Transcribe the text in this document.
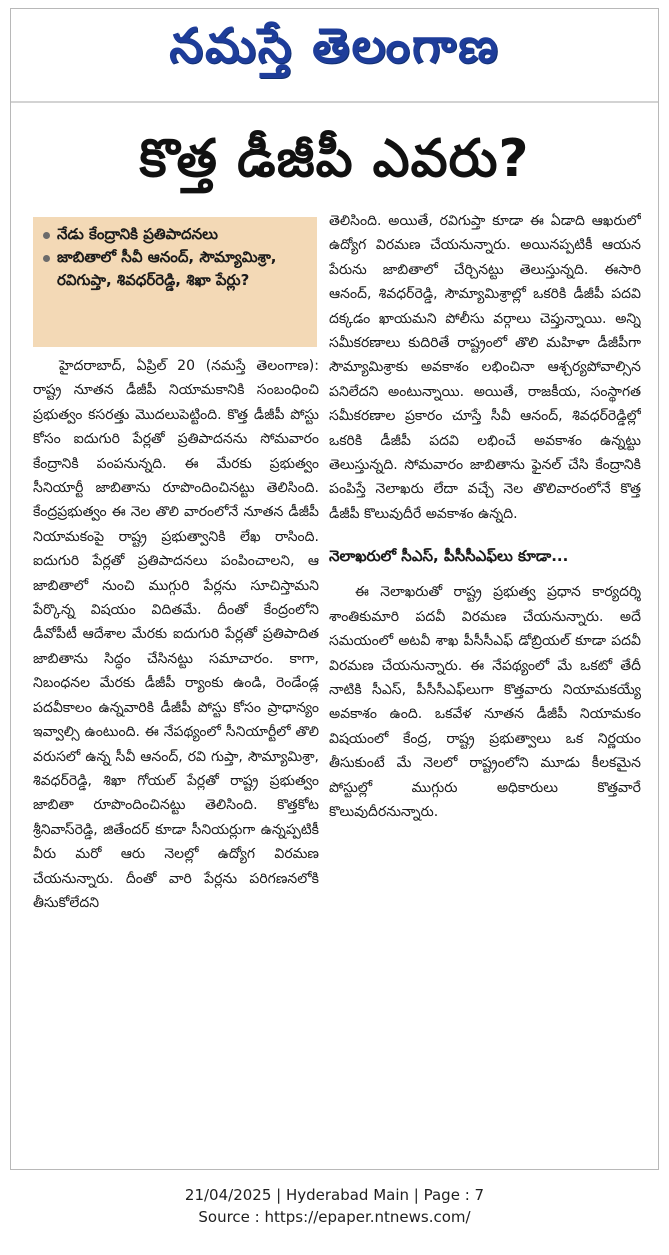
నమస్తే తెలంగాణ
కొత్త డీజీపీ ఎవరు?
నేడు కేంద్రానికి ప్రతిపాదనలు
జాబితాలో సీవీ ఆనంద్, సౌమ్యామిశ్రా, రవిగుప్తా, శివధర్‌రెడ్డి, శిఖా పేర్లు?

హైదరాబాద్, ఏప్రిల్ 20 (నమస్తే తెలంగాణ): రాష్ట్ర నూతన డీజీపీ నియామకానికి సంబంధించి ప్రభుత్వం కసరత్తు మొదలుపెట్టింది. కొత్త డీజీపీ పోస్టు కోసం ఐదుగురి పేర్లతో ప్రతిపాదనను సోమవారం కేంద్రానికి పంపనున్నది. ఈ మేరకు ప్రభుత్వం సీనియార్టీ జాబితాను రూపొందించినట్టు తెలిసింది. కేంద్రప్రభుత్వం ఈ నెల తొలి వారంలోనే నూతన డీజీపీ నియామకంపై రాష్ట్ర ప్రభుత్వానికి లేఖ రాసింది. ఐదుగురి పేర్లతో ప్రతిపాదనలు పంపించాలని, ఆ జాబితాలో నుంచి ముగ్గురి పేర్లను సూచిస్తామని పేర్కొన్న విషయం విదితమే. దీంతో కేంద్రంలోని డీవోపీటీ ఆదేశాల మేరకు ఐదుగురి పేర్లతో ప్రతిపాదిత జాబితాను సిద్ధం చేసినట్టు సమాచారం. కాగా, నిబంధనల మేరకు డీజీపీ ర్యాంకు ఉండి, రెండేండ్ల పదవీకాలం ఉన్నవారికి డీజీపీ పోస్టు కోసం ప్రాధాన్యం ఇవ్వాల్సి ఉంటుంది. ఈ నేపథ్యంలో సీనియార్టీలో తొలి వరుసలో ఉన్న సీవీ ఆనంద్, రవి గుప్తా, సౌమ్యామిశ్రా, శివధర్‌రెడ్డి, శిఖా గోయల్ పేర్లతో రాష్ట్ర ప్రభుత్వం జాబితా రూపొందించినట్టు తెలిసింది. కొత్తకోట శ్రీనివాస్‌రెడ్డి, జితేందర్ కూడా సీనియర్లుగా ఉన్నప్పటికీ వీరు మరో ఆరు నెలల్లో ఉద్యోగ విరమణ చేయనున్నారు. దీంతో వారి పేర్లను పరిగణనలోకి తీసుకోలేదని

తెలిసింది. అయితే, రవిగుప్తా కూడా ఈ ఏడాది ఆఖరులో ఉద్యోగ విరమణ చేయనున్నారు. అయినప్పటికీ ఆయన పేరును జాబితాలో చేర్చినట్టు తెలుస్తున్నది. ఈసారి ఆనంద్, శివధర్‌రెడ్డి, సౌమ్యామిశ్రాల్లో ఒకరికి డీజీపీ పదవి దక్కడం ఖాయమని పోలీసు వర్గాలు చెప్తున్నాయి. అన్ని సమీకరణాలు కుదిరితే రాష్ట్రంలో తొలి మహిళా డీజీపీగా సౌమ్యామిశ్రాకు అవకాశం లభించినా ఆశ్చర్యపోవాల్సిన పనిలేదని అంటున్నాయి. అయితే, రాజకీయ, సంస్థాగత సమీకరణాల ప్రకారం చూస్తే సీవీ ఆనంద్, శివధర్‌రెడ్డిల్లో ఒకరికి డీజీపీ పదవి లభించే అవకాశం ఉన్నట్టు తెలుస్తున్నది. సోమవారం జాబితాను ఫైనల్ చేసి కేంద్రానికి పంపిస్తే నెలాఖరు లేదా వచ్చే నెల తొలివారంలోనే కొత్త డీజీపీ కొలువుదీరే అవకాశం ఉన్నది.

నెలాఖరులో సీఎస్, పీసీసీఎఫ్‌లు కూడా...

ఈ నెలాఖరుతో రాష్ట్ర ప్రభుత్వ ప్రధాన కార్యదర్శి శాంతికుమారి పదవీ విరమణ చేయనున్నారు. అదే సమయంలో అటవీ శాఖ పీసీసీఎఫ్ డోబ్రియల్ కూడా పదవీ విరమణ చేయనున్నారు. ఈ నేపథ్యంలో మే ఒకటో తేదీ నాటికి సీఎస్, పీసీసీఎఫ్‌లుగా కొత్తవారు నియామకయ్యే అవకాశం ఉంది. ఒకవేళ నూతన డీజీపీ నియామకం విషయంలో కేంద్ర, రాష్ట్ర ప్రభుత్వాలు ఒక నిర్ణయం తీసుకుంటే మే నెలలో రాష్ట్రంలోని మూడు కీలకమైన పోస్టుల్లో ముగ్గురు అధికారులు కొత్తవారే కొలువుదీరనున్నారు.

21/04/2025 | Hyderabad Main | Page : 7
Source : https://epaper.ntnews.com/
